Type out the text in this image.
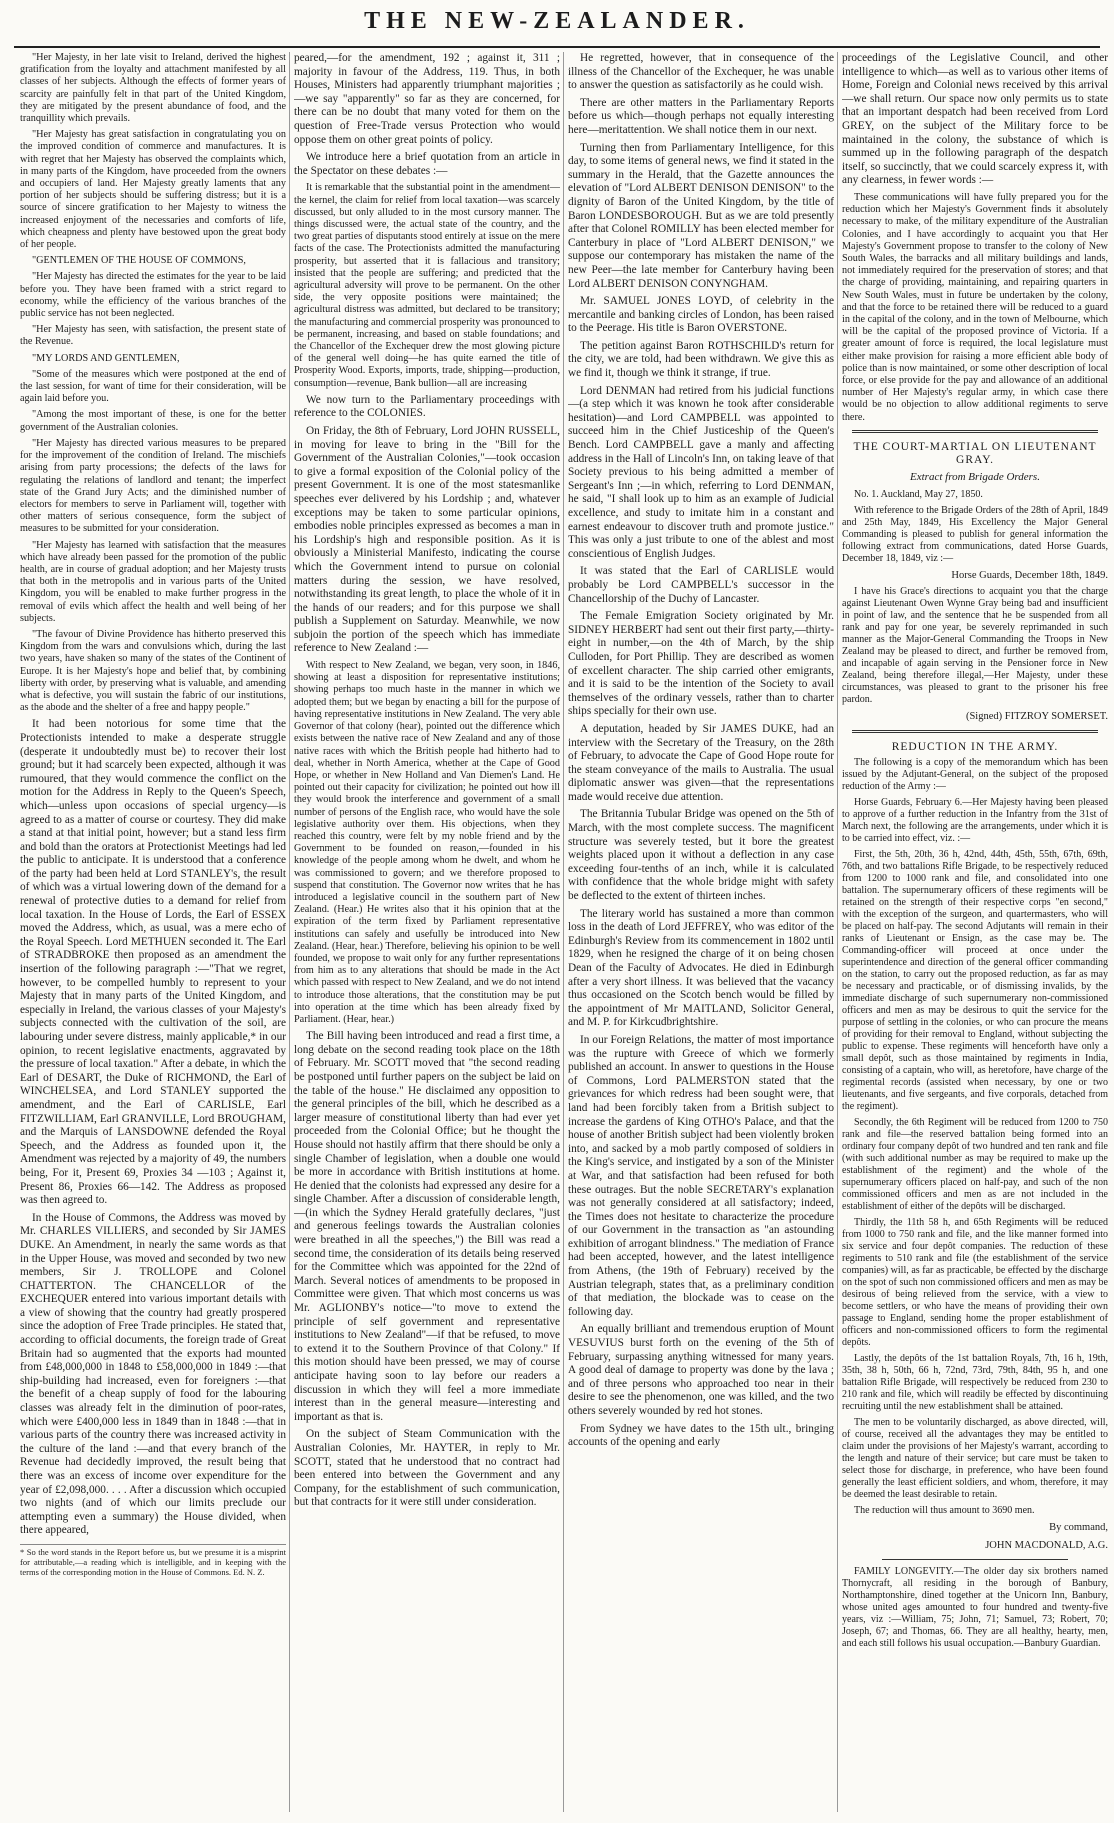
THE NEW-ZEALANDER.

"Her Majesty, in her late visit to Ireland, derived the highest gratification from the loyalty and attachment manifested by all classes of her subjects. Although the effects of former years of scarcity are painfully felt in that part of the United Kingdom, they are mitigated by the present abundance of food, and the tranquillity which prevails.

"Her Majesty has great satisfaction in congratulating you on the improved condition of commerce and manufactures. It is with regret that her Majesty has observed the complaints which, in many parts of the Kingdom, have proceeded from the owners and occupiers of land. Her Majesty greatly laments that any portion of her subjects should be suffering distress; but it is a source of sincere gratification to her Majesty to witness the increased enjoyment of the necessaries and comforts of life, which cheapness and plenty have bestowed upon the great body of her people.

"GENTLEMEN OF THE HOUSE OF COMMONS,

"Her Majesty has directed the estimates for the year to be laid before you. They have been framed with a strict regard to economy, while the efficiency of the various branches of the public service has not been neglected.

"Her Majesty has seen, with satisfaction, the present state of the Revenue.

"MY LORDS AND GENTLEMEN,

"Some of the measures which were postponed at the end of the last session, for want of time for their consideration, will be again laid before you.

"Among the most important of these, is one for the better government of the Australian colonies.

"Her Majesty has directed various measures to be prepared for the improvement of the condition of Ireland. The mischiefs arising from party processions; the defects of the laws for regulating the relations of landlord and tenant; the imperfect state of the Grand Jury Acts; and the diminished number of electors for members to serve in Parliament will, together with other matters of serious consequence, form the subject of measures to be submitted for your consideration.

"Her Majesty has learned with satisfaction that the measures which have already been passed for the promotion of the public health, are in course of gradual adoption; and her Majesty trusts that both in the metropolis and in various parts of the United Kingdom, you will be enabled to make further progress in the removal of evils which affect the health and well being of her subjects.

"The favour of Divine Providence has hitherto preserved this Kingdom from the wars and convulsions which, during the last two years, have shaken so many of the states of the Continent of Europe. It is her Majesty's hope and belief that, by combining liberty with order, by preserving what is valuable, and amending what is defective, you will sustain the fabric of our institutions, as the abode and the shelter of a free and happy people."

It had been notorious for some time that the Protectionists intended to make a desperate struggle (desperate it undoubtedly must be) to recover their lost ground; but it had scarcely been expected, although it was rumoured, that they would commence the conflict on the motion for the Address in Reply to the Queen's Speech, which—unless upon occasions of special urgency—is agreed to as a matter of course or courtesy. They did make a stand at that initial point, however; but a stand less firm and bold than the orators at Protectionist Meetings had led the public to anticipate. It is understood that a conference of the party had been held at Lord STANLEY's, the result of which was a virtual lowering down of the demand for a renewal of protective duties to a demand for relief from local taxation. In the House of Lords, the Earl of ESSEX moved the Address, which, as usual, was a mere echo of the Royal Speech. Lord METHUEN seconded it. The Earl of STRADBROKE then proposed as an amendment the insertion of the following paragraph :—"That we regret, however, to be compelled humbly to represent to your Majesty that in many parts of the United Kingdom, and especially in Ireland, the various classes of your Majesty's subjects connected with the cultivation of the soil, are labouring under severe distress, mainly applicable,* in our opinion, to recent legislative enactments, aggravated by the pressure of local taxation." After a debate, in which the Earl of DESART, the Duke of RICHMOND, the Earl of WINCHELSEA, and Lord STANLEY supported the amendment, and the Earl of CARLISLE, Earl FITZWILLIAM, Earl GRANVILLE, Lord BROUGHAM, and the Marquis of LANSDOWNE defended the Royal Speech, and the Address as founded upon it, the Amendment was rejected by a majority of 49, the numbers being, For it, Present 69, Proxies 34 —103 ; Against it, Present 86, Proxies 66—142. The Address as proposed was then agreed to.

In the House of Commons, the Address was moved by Mr. CHARLES VILLIERS, and seconded by Sir JAMES DUKE. An Amendment, in nearly the same words as that in the Upper House, was moved and seconded by two new members, Sir J. TROLLOPE and Colonel CHATTERTON. The CHANCELLOR of the EXCHEQUER entered into various important details with a view of showing that the country had greatly prospered since the adoption of Free Trade principles. He stated that, according to official documents, the foreign trade of Great Britain had so augmented that the exports had mounted from £48,000,000 in 1848 to £58,000,000 in 1849 :—that ship-building had increased, even for foreigners :—that the benefit of a cheap supply of food for the labouring classes was already felt in the diminution of poor-rates, which were £400,000 less in 1849 than in 1848 :—that in various parts of the country there was increased activity in the culture of the land :—and that every branch of the Revenue had decidedly improved, the result being that there was an excess of income over expenditure for the year of £2,098,000. . . . After a discussion which occupied two nights (and of which our limits preclude our attempting even a summary) the House divided, when there appeared,

* So the word stands in the Report before us, but we presume it is a misprint for attributable,—a reading which is intelligible, and in keeping with the terms of the corresponding motion in the House of Commons. Ed. N. Z.

peared,—for the amendment, 192 ; against it, 311 ; majority in favour of the Address, 119. Thus, in both Houses, Ministers had apparently triumphant majorities ;—we say "apparently" so far as they are concerned, for there can be no doubt that many voted for them on the question of Free-Trade versus Protection who would oppose them on other great points of policy.

We introduce here a brief quotation from an article in the Spectator on these debates :—

It is remarkable that the substantial point in the amendment—the kernel, the claim for relief from local taxation—was scarcely discussed, but only alluded to in the most cursory manner. The things discussed were, the actual state of the country, and the two great parties of disputants stood entirely at issue on the mere facts of the case. The Protectionists admitted the manufacturing prosperity, but asserted that it is fallacious and transitory; insisted that the people are suffering; and predicted that the agricultural adversity will prove to be permanent. On the other side, the very opposite positions were maintained; the agricultural distress was admitted, but declared to be transitory; the manufacturing and commercial prosperity was pronounced to be permanent, increasing, and based on stable foundations; and the Chancellor of the Exchequer drew the most glowing picture of the general well doing—he has quite earned the title of Prosperity Wood. Exports, imports, trade, shipping—production, consumption—revenue, Bank bullion—all are increasing

We now turn to the Parliamentary proceedings with reference to the COLONIES.

On Friday, the 8th of February, Lord JOHN RUSSELL, in moving for leave to bring in the "Bill for the Government of the Australian Colonies,"—took occasion to give a formal exposition of the Colonial policy of the present Government. It is one of the most statesmanlike speeches ever delivered by his Lordship ; and, whatever exceptions may be taken to some particular opinions, embodies noble principles expressed as becomes a man in his Lordship's high and responsible position. As it is obviously a Ministerial Manifesto, indicating the course which the Government intend to pursue on colonial matters during the session, we have resolved, notwithstanding its great length, to place the whole of it in the hands of our readers; and for this purpose we shall publish a Supplement on Saturday. Meanwhile, we now subjoin the portion of the speech which has immediate reference to New Zealand :—

With respect to New Zealand, we began, very soon, in 1846, showing at least a disposition for representative institutions; showing perhaps too much haste in the manner in which we adopted them; but we began by enacting a bill for the purpose of having representative institutions in New Zealand. The very able Governor of that colony (hear), pointed out the difference which exists between the native race of New Zealand and any of those native races with which the British people had hitherto had to deal, whether in North America, whether at the Cape of Good Hope, or whether in New Holland and Van Diemen's Land. He pointed out their capacity for civilization; he pointed out how ill they would brook the interference and government of a small number of persons of the English race, who would have the sole legislative authority over them. His objections, when they reached this country, were felt by my noble friend and by the Government to be founded on reason,—founded in his knowledge of the people among whom he dwelt, and whom he was commissioned to govern; and we therefore proposed to suspend that constitution. The Governor now writes that he has introduced a legislative council in the southern part of New Zealand. (Hear.) He writes also that it his opinion that at the expiration of the term fixed by Parliament representative institutions can safely and usefully be introduced into New Zealand. (Hear, hear.) Therefore, believing his opinion to be well founded, we propose to wait only for any further representations from him as to any alterations that should be made in the Act which passed with respect to New Zealand, and we do not intend to introduce those alterations, that the constitution may be put into operation at the time which has been already fixed by Parliament. (Hear, hear.)

The Bill having been introduced and read a first time, a long debate on the second reading took place on the 18th of February. Mr. SCOTT moved that "the second reading be postponed until further papers on the subject be laid on the table of the house." He disclaimed any opposition to the general principles of the bill, which he described as a larger measure of constitutional liberty than had ever yet proceeded from the Colonial Office; but he thought the House should not hastily affirm that there should be only a single Chamber of legislation, when a double one would be more in accordance with British institutions at home. He denied that the colonists had expressed any desire for a single Chamber. After a discussion of considerable length,—(in which the Sydney Herald gratefully declares, "just and generous feelings towards the Australian colonies were breathed in all the speeches,") the Bill was read a second time, the consideration of its details being reserved for the Committee which was appointed for the 22nd of March. Several notices of amendments to be proposed in Committee were given. That which most concerns us was Mr. AGLIONBY's notice—"to move to extend the principle of self government and representative institutions to New Zealand"—if that be refused, to move to extend it to the Southern Province of that Colony." If this motion should have been pressed, we may of course anticipate having soon to lay before our readers a discussion in which they will feel a more immediate interest than in the general measure—interesting and important as that is.

On the subject of Steam Communication with the Australian Colonies, Mr. HAYTER, in reply to Mr. SCOTT, stated that he understood that no contract had been entered into between the Government and any Company, for the establishment of such communication, but that contracts for it were still under consideration.

He regretted, however, that in consequence of the illness of the Chancellor of the Exchequer, he was unable to answer the question as satisfactorily as he could wish.

There are other matters in the Parliamentary Reports before us which—though perhaps not equally interesting here—meritattention. We shall notice them in our next.

Turning then from Parliamentary Intelligence, for this day, to some items of general news, we find it stated in the summary in the Herald, that the Gazette announces the elevation of "Lord ALBERT DENISON DENISON" to the dignity of Baron of the United Kingdom, by the title of Baron LONDESBOROUGH. But as we are told presently after that Colonel ROMILLY has been elected member for Canterbury in place of "Lord ALBERT DENISON," we suppose our contemporary has mistaken the name of the new Peer—the late member for Canterbury having been Lord ALBERT DENISON CONYNGHAM.

Mr. SAMUEL JONES LOYD, of celebrity in the mercantile and banking circles of London, has been raised to the Peerage. His title is Baron OVERSTONE.

The petition against Baron ROTHSCHILD's return for the city, we are told, had been withdrawn. We give this as we find it, though we think it strange, if true.

Lord DENMAN had retired from his judicial functions—(a step which it was known he took after considerable hesitation)—and Lord CAMPBELL was appointed to succeed him in the Chief Justiceship of the Queen's Bench. Lord CAMPBELL gave a manly and affecting address in the Hall of Lincoln's Inn, on taking leave of that Society previous to his being admitted a member of Sergeant's Inn ;—in which, referring to Lord DENMAN, he said, "I shall look up to him as an example of Judicial excellence, and study to imitate him in a constant and earnest endeavour to discover truth and promote justice." This was only a just tribute to one of the ablest and most conscientious of English Judges.

It was stated that the Earl of CARLISLE would probably be Lord CAMPBELL's successor in the Chancellorship of the Duchy of Lancaster.

The Female Emigration Society originated by Mr. SIDNEY HERBERT had sent out their first party,—thirty-eight in number,—on the 4th of March, by the ship Culloden, for Port Phillip. They are described as women of excellent character. The ship carried other emigrants, and it is said to be the intention of the Society to avail themselves of the ordinary vessels, rather than to charter ships specially for their own use.

A deputation, headed by Sir JAMES DUKE, had an interview with the Secretary of the Treasury, on the 28th of February, to advocate the Cape of Good Hope route for the steam conveyance of the mails to Australia. The usual diplomatic answer was given—that the representations made would receive due attention.

The Britannia Tubular Bridge was opened on the 5th of March, with the most complete success. The magnificent structure was severely tested, but it bore the greatest weights placed upon it without a deflection in any case exceeding four-tenths of an inch, while it is calculated with confidence that the whole bridge might with safety be deflected to the extent of thirteen inches.

The literary world has sustained a more than common loss in the death of Lord JEFFREY, who was editor of the Edinburgh's Review from its commencement in 1802 until 1829, when he resigned the charge of it on being chosen Dean of the Faculty of Advocates. He died in Edinburgh after a very short illness. It was believed that the vacancy thus occasioned on the Scotch bench would be filled by the appointment of Mr MAITLAND, Solicitor General, and M. P. for Kirkcudbrightshire.

In our Foreign Relations, the matter of most importance was the rupture with Greece of which we formerly published an account. In answer to questions in the House of Commons, Lord PALMERSTON stated that the grievances for which redress had been sought were, that land had been forcibly taken from a British subject to increase the gardens of King OTHO's Palace, and that the house of another British subject had been violently broken into, and sacked by a mob partly composed of soldiers in the King's service, and instigated by a son of the Minister at War, and that satisfaction had been refused for both these outrages. But the noble SECRETARY's explanation was not generally considered at all satisfactory; indeed, the Times does not hesitate to characterize the procedure of our Government in the transaction as "an astounding exhibition of arrogant blindness." The mediation of France had been accepted, however, and the latest intelligence from Athens, (the 19th of February) received by the Austrian telegraph, states that, as a preliminary condition of that mediation, the blockade was to cease on the following day.

An equally brilliant and tremendous eruption of Mount VESUVIUS burst forth on the evening of the 5th of February, surpassing anything witnessed for many years. A good deal of damage to property was done by the lava ; and of three persons who approached too near in their desire to see the phenomenon, one was killed, and the two others severely wounded by red hot stones.

From Sydney we have dates to the 15th ult., bringing accounts of the opening and early

proceedings of the Legislative Council, and other intelligence to which—as well as to various other items of Home, Foreign and Colonial news received by this arrival—we shall return. Our space now only permits us to state that an important despatch had been received from Lord GREY, on the subject of the Military force to be maintained in the colony, the substance of which is summed up in the following paragraph of the despatch itself, so succinctly, that we could scarcely express it, with any clearness, in fewer words :—

These communications will have fully prepared you for the reduction which her Majesty's Government finds it absolutely necessary to make, of the military expenditure of the Australian Colonies, and I have accordingly to acquaint you that Her Majesty's Government propose to transfer to the colony of New South Wales, the barracks and all military buildings and lands, not immediately required for the preservation of stores; and that the charge of providing, maintaining, and repairing quarters in New South Wales, must in future be undertaken by the colony, and that the force to be retained there will be reduced to a guard in the capital of the colony, and in the town of Melbourne, which will be the capital of the proposed province of Victoria. If a greater amount of force is required, the local legislature must either make provision for raising a more efficient able body of police than is now maintained, or some other description of local force, or else provide for the pay and allowance of an additional number of Her Majesty's regular army, in which case there would be no objection to allow additional regiments to serve there.

THE COURT-MARTIAL ON LIEUTENANT GRAY.
Extract from Brigade Orders.

No. 1. Auckland, May 27, 1850.

With reference to the Brigade Orders of the 28th of April, 1849 and 25th May, 1849, His Excellency the Major General Commanding is pleased to publish for general information the following extract from communications, dated Horse Guards, December 18, 1849, viz :—

Horse Guards, December 18th, 1849.

I have his Grace's directions to acquaint you that the charge against Lieutenant Owen Wynne Gray being bad and insufficient in point of law, and the sentence that he be suspended from all rank and pay for one year, be severely reprimanded in such manner as the Major-General Commanding the Troops in New Zealand may be pleased to direct, and further be removed from, and incapable of again serving in the Pensioner force in New Zealand, being therefore illegal,—Her Majesty, under these circumstances, was pleased to grant to the prisoner his free pardon.

(Signed) FITZROY SOMERSET.
REDUCTION IN THE ARMY.

The following is a copy of the memorandum which has been issued by the Adjutant-General, on the subject of the proposed reduction of the Army :—

Horse Guards, February 6.—Her Majesty having been pleased to approve of a further reduction in the Infantry from the 31st of March next, the following are the arrangements, under which it is to be carried into effect, viz. :—

First, the 5th, 20th, 36 h, 42nd, 44th, 45th, 55th, 67th, 69th, 76th, and two battalions Rifle Brigade, to be respectively reduced from 1200 to 1000 rank and file, and consolidated into one battalion. The supernumerary officers of these regiments will be retained on the strength of their respective corps "en second," with the exception of the surgeon, and quartermasters, who will be placed on half-pay. The second Adjutants will remain in their ranks of Lieutenant or Ensign, as the case may be. The Commanding-officer will proceed at once under the superintendence and direction of the general officer commanding on the station, to carry out the proposed reduction, as far as may be necessary and practicable, or of dismissing invalids, by the immediate discharge of such supernumerary non-commissioned officers and men as may be desirous to quit the service for the purpose of settling in the colonies, or who can procure the means of providing for their removal to England, without subjecting the public to expense. These regiments will henceforth have only a small depôt, such as those maintained by regiments in India, consisting of a captain, who will, as heretofore, have charge of the regimental records (assisted when necessary, by one or two lieutenants, and five sergeants, and five corporals, detached from the regiment).

Secondly, the 6th Regiment will be reduced from 1200 to 750 rank and file—the reserved battalion being formed into an ordinary four company depôt of two hundred and ten rank and file (with such additional number as may be required to make up the establishment of the regiment) and the whole of the supernumerary officers placed on half-pay, and such of the non commissioned officers and men as are not included in the establishment of either of the depôts will be discharged.

Thirdly, the 11th 58 h, and 65th Regiments will be reduced from 1000 to 750 rank and file, and the like manner formed into six service and four depôt companies. The reduction of these regiments to 510 rank and file (the establishment of the service companies) will, as far as practicable, be effected by the discharge on the spot of such non commissioned officers and men as may be desirous of being relieved from the service, with a view to become settlers, or who have the means of providing their own passage to England, sending home the proper establishment of officers and non-commissioned officers to form the regimental depôts.

Lastly, the depôts of the 1st battalion Royals, 7th, 16 h, 19th, 35th, 38 h, 50th, 66 h, 72nd, 73rd, 79th, 84th, 95 h, and one battalion Rifle Brigade, will respectively be reduced from 230 to 210 rank and file, which will readily be effected by discontinuing recruiting until the new establishment shall be attained.

The men to be voluntarily discharged, as above directed, will, of course, received all the advantages they may be entitled to claim under the provisions of her Majesty's warrant, according to the length and nature of their service; but care must be taken to select those for discharge, in preference, who have been found generally the least efficient soldiers, and whom, therefore, it may be deemed the least desirable to retain.

The reduction will thus amount to 3690 men.

By command,
JOHN MACDONALD, A.G.

FAMILY LONGEVITY.—The older day six brothers named Thornycraft, all residing in the borough of Banbury, Northamptonshire, dined together at the Unicorn Inn, Banbury, whose united ages amounted to four hundred and twenty-five years, viz :—William, 75; John, 71; Samuel, 73; Robert, 70; Joseph, 67; and Thomas, 66. They are all healthy, hearty, men, and each still follows his usual occupation.—Banbury Guardian.
